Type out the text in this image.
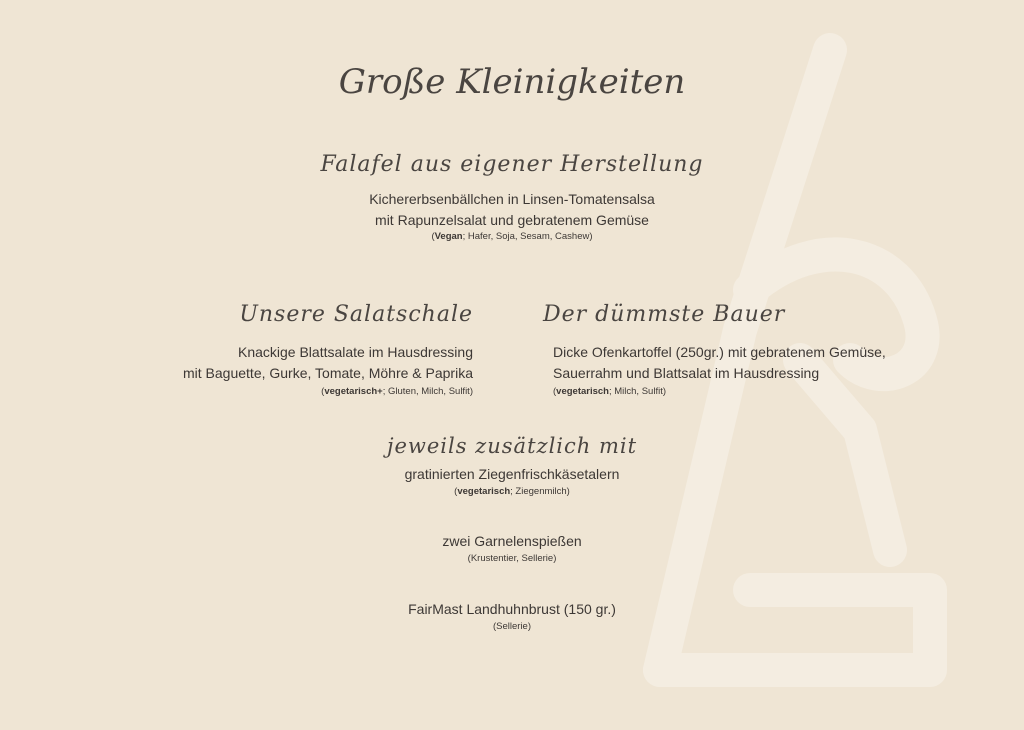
Große Kleinigkeiten
Falafel aus eigener Herstellung
Kichererbsenbällchen in Linsen-Tomatensalsa
mit Rapunzelsalat und gebratenem Gemüse
(Vegan; Hafer, Soja, Sesam, Cashew)
Unsere Salatschale
Knackige Blattsalate im Hausdressing
mit Baguette, Gurke, Tomate, Möhre & Paprika
(vegetarisch+; Gluten, Milch, Sulfit)
Der dümmste Bauer
Dicke Ofenkartoffel (250gr.) mit gebratenem Gemüse,
Sauerrahm und Blattsalat im Hausdressing
(vegetarisch; Milch, Sulfit)
jeweils zusätzlich mit
gratinierten Ziegenfrischkäsetalern
(vegetarisch; Ziegenmilch)
zwei Garnelenspießen
(Krustentier, Sellerie)
FairMast Landhuhnbrust (150 gr.)
(Sellerie)
